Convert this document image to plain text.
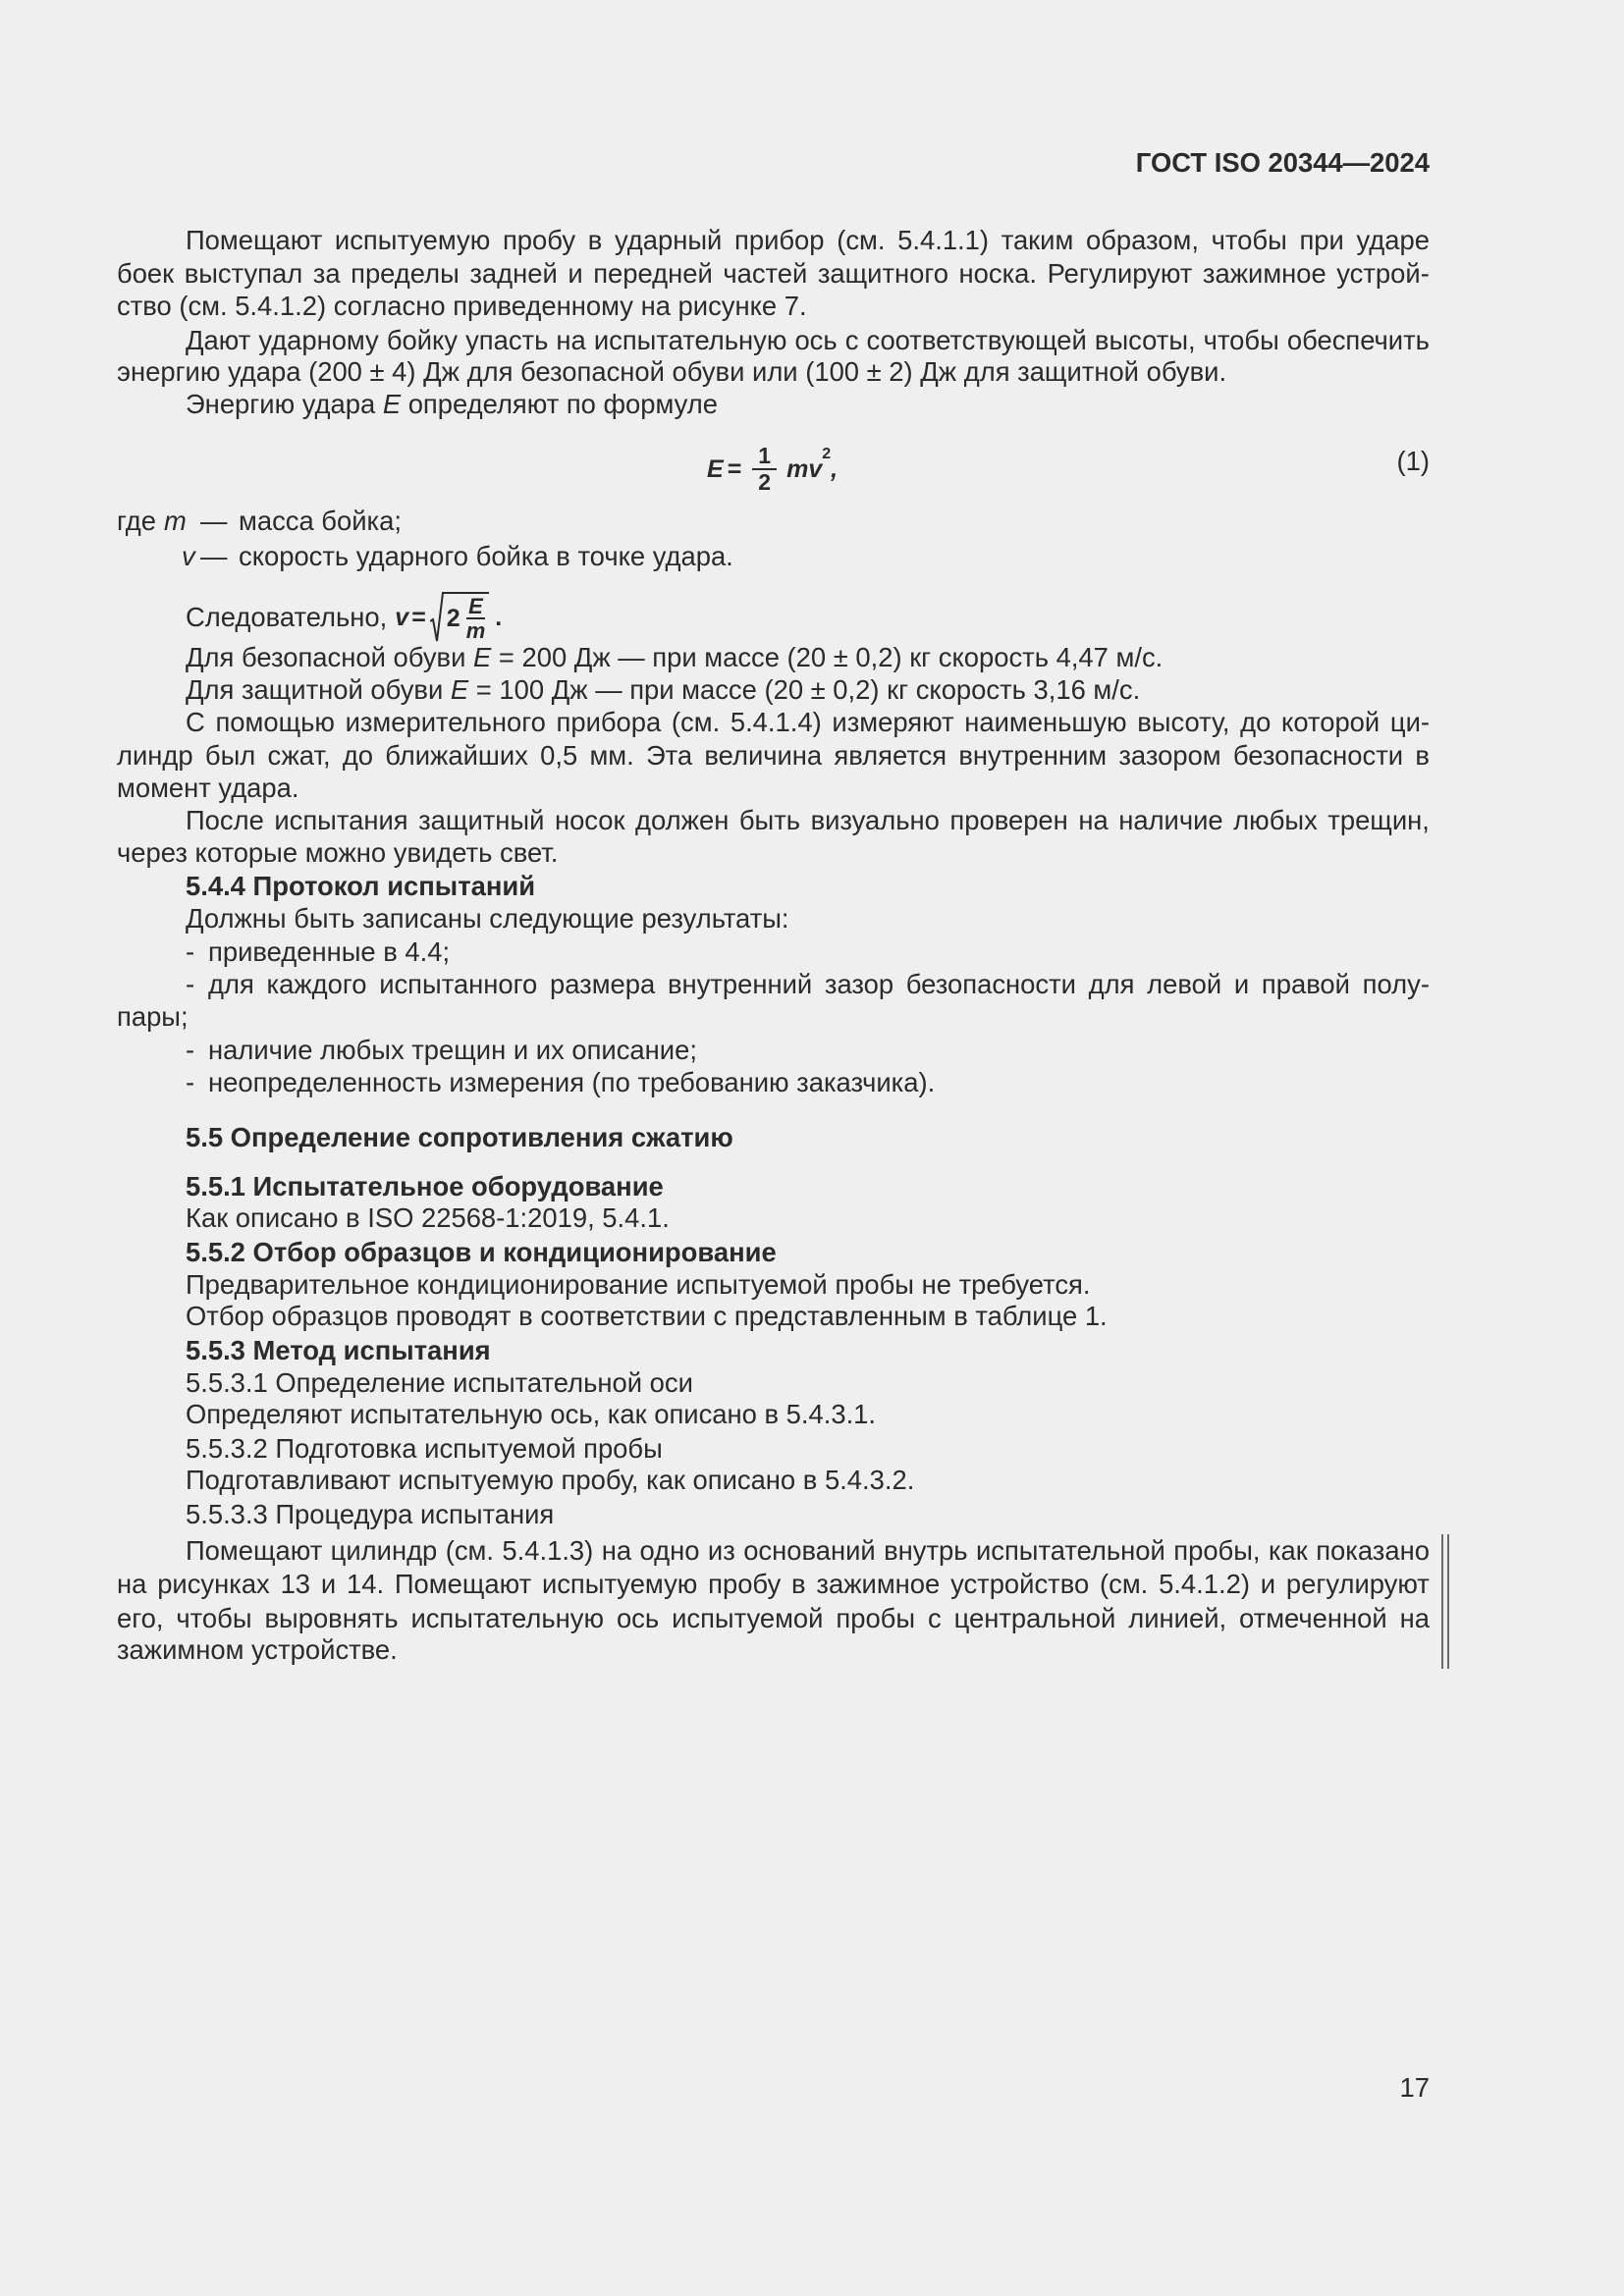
ГОСТ ISO 20344—2024
Помещают испытуемую пробу в ударный прибор (см. 5.4.1.1) таким образом, чтобы при ударе
боек выступал за пределы задней и передней частей защитного носка. Регулируют зажимное устрой-
ство (см. 5.4.1.2) согласно приведенному на рисунке 7.
Дают ударному бойку упасть на испытательную ось с соответствующей высоты, чтобы обеспечить
энергию удара (200 ± 4) Дж для безопасной обуви или (100 ± 2) Дж для защитной обуви.
Энергию удара E определяют по формуле
$E = \frac{1}{2}$ mv
2
,	(1)
где m — масса бойка;
v — скорость ударного бойка в точке удара.
Следовательно, $v = 2 \frac{E}{m}$ .
Для безопасной обуви E = 200 Дж — при массе (20 ± 0,2) кг скорость 4,47 м/с.
Для защитной обуви E = 100 Дж — при массе (20 ± 0,2) кг скорость 3,16 м/с.
С помощью измерительного прибора (см. 5.4.1.4) измеряют наименьшую высоту, до которой ци-
линдр был сжат, до ближайших 0,5 мм. Эта величина является внутренним зазором безопасности в
момент удара.
После испытания защитный носок должен быть визуально проверен на наличие любых трещин,
через которые можно увидеть свет.
5.4.4 Протокол испытаний
Должны быть записаны следующие результаты:
- приведенные в 4.4;
- для каждого испытанного размера внутренний зазор безопасности для левой и правой полу-
пары;
- наличие любых трещин и их описание;
- неопределенность измерения (по требованию заказчика).
5.5 Определение сопротивления сжатию
5.5.1 Испытательное оборудование
Как описано в ISO 22568-1:2019, 5.4.1.
5.5.2 Отбор образцов и кондиционирование
Предварительное кондиционирование испытуемой пробы не требуется.
Отбор образцов проводят в соответствии с представленным в таблице 1.
5.5.3 Метод испытания
5.5.3.1 Определение испытательной оси
Определяют испытательную ось, как описано в 5.4.3.1.
5.5.3.2 Подготовка испытуемой пробы
Подготавливают испытуемую пробу, как описано в 5.4.3.2.
5.5.3.3 Процедура испытания
Помещают цилиндр (см. 5.4.1.3) на одно из оснований внутрь испытательной пробы, как показано
на рисунках 13 и 14. Помещают испытуемую пробу в зажимное устройство (см. 5.4.1.2) и регулируют
его, чтобы выровнять испытательную ось испытуемой пробы с центральной линией, отмеченной на
зажимном устройстве.
17
